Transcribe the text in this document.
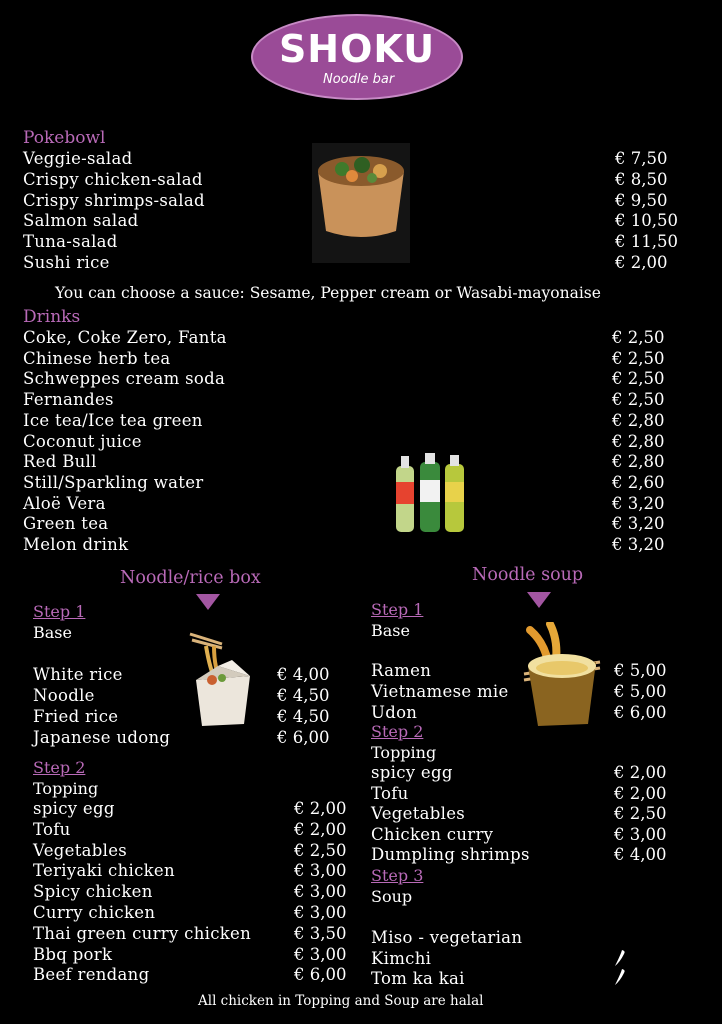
SHOKU
Noodle bar
Pokebowl
Veggie-salad	€ 7,50
Crispy chicken-salad	€ 8,50
Crispy shrimps-salad	€ 9,50
Salmon salad	€ 10,50
Tuna-salad	€ 11,50
Sushi rice	€ 2,00
You can choose a sauce: Sesame, Pepper cream or Wasabi-mayonaise
Drinks
Coke, Coke Zero, Fanta	€ 2,50
Chinese herb tea	€ 2,50
Schweppes cream soda	€ 2,50
Fernandes	€ 2,50
Ice tea/Ice tea green	€ 2,80
Coconut juice	€ 2,80
Red Bull	€ 2,80
Still/Sparkling water	€ 2,60
Aloë Vera	€ 3,20
Green tea	€ 3,20
Melon drink	€ 3,20
Noodle/rice box	Noodle soup
Step 1
Base
White rice	€ 4,00
Noodle	€ 4,50
Fried rice	€ 4,50
Japanese udong	€ 6,00
Step 2
Topping
spicy egg	€ 2,00
Tofu	€ 2,00
Vegetables	€ 2,50
Teriyaki chicken	€ 3,00
Spicy chicken	€ 3,00
Curry chicken	€ 3,00
Thai green curry chicken	€ 3,50
Bbq pork	€ 3,00
Beef rendang	€ 6,00
Step 1
Base
Ramen	€ 5,00
Vietnamese mie	€ 5,00
Udon	€ 6,00
Step 2
Topping
spicy egg	€ 2,00
Tofu	€ 2,00
Vegetables	€ 2,50
Chicken curry	€ 3,00
Dumpling shrimps	€ 4,00
Step 3
Soup
Miso - vegetarian
Kimchi
Tom ka kai
All chicken in Topping and Soup are halal
